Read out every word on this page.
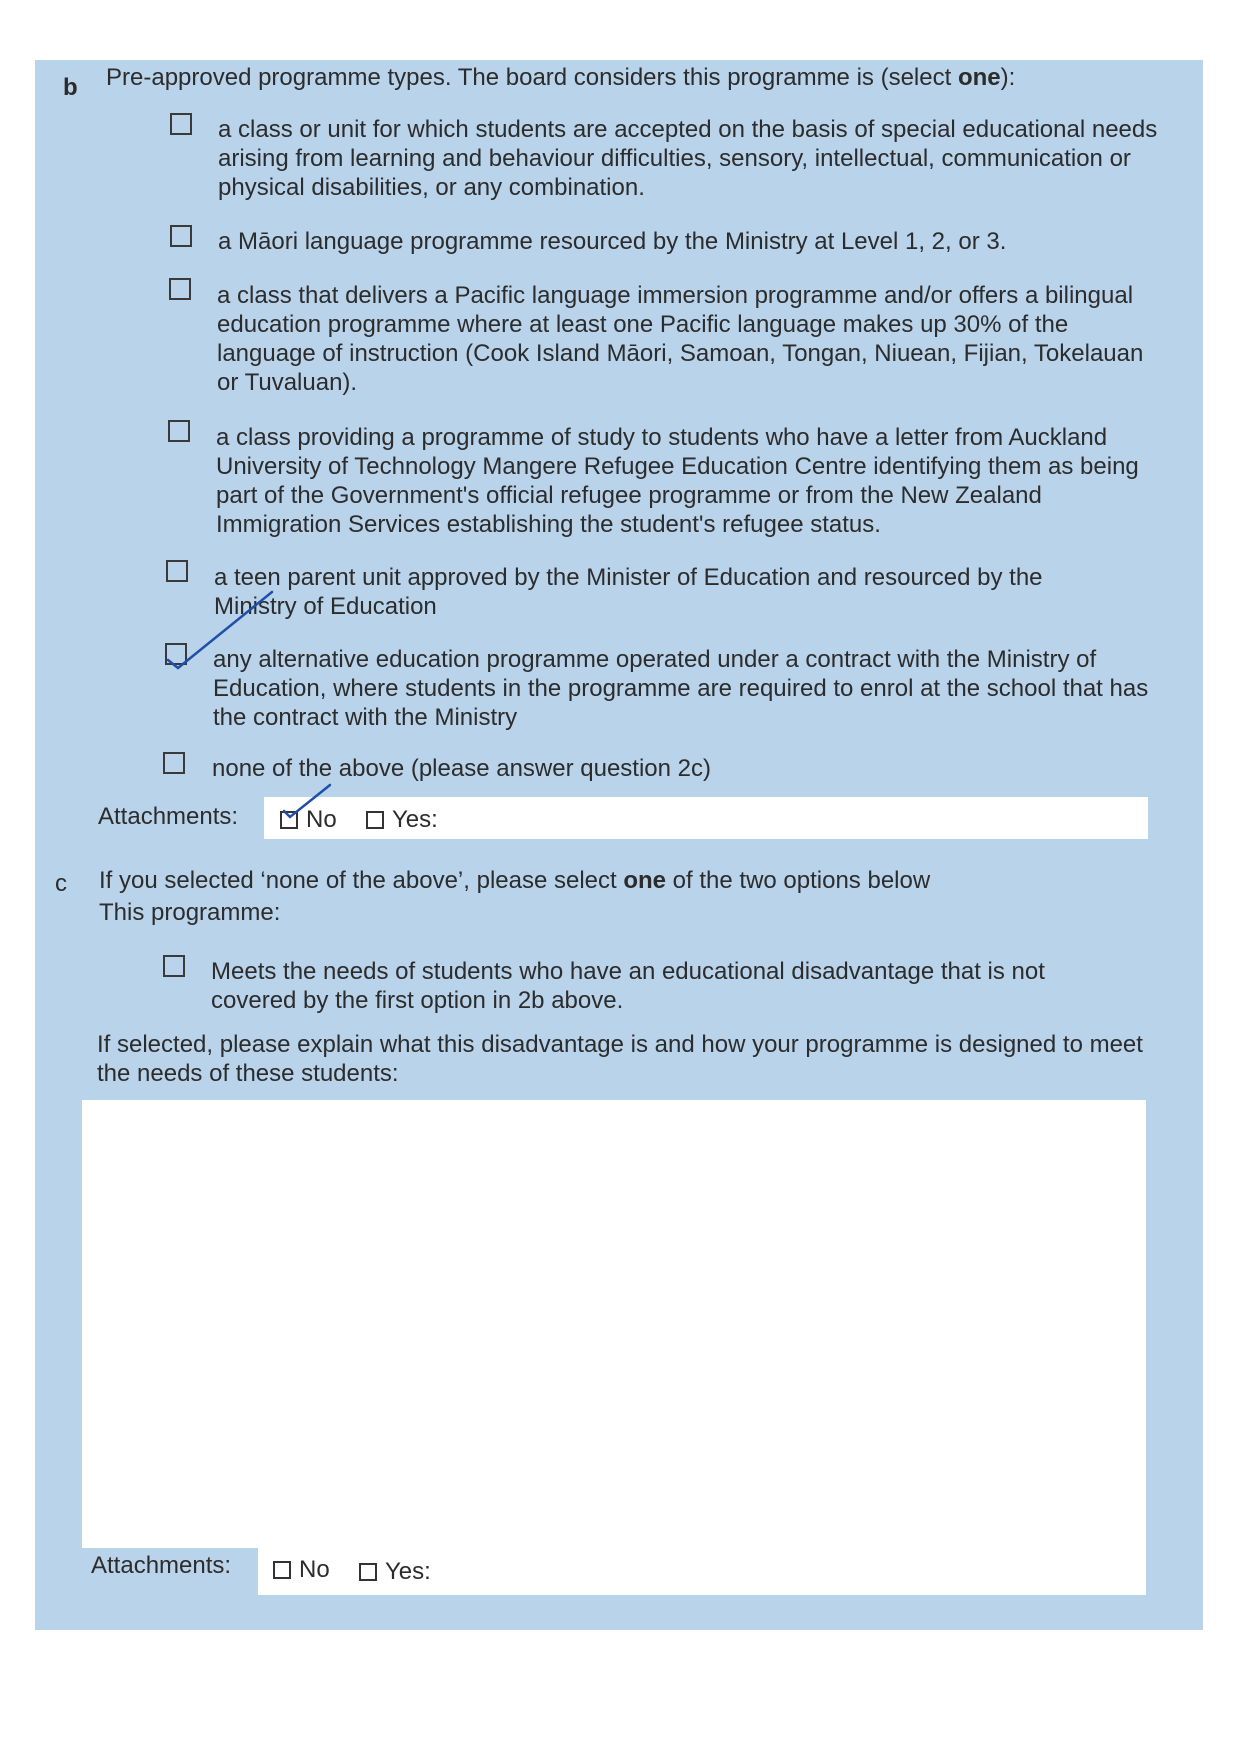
b Pre-approved programme types. The board considers this programme is (select one):

a class or unit for which students are accepted on the basis of special educational needs arising from learning and behaviour difficulties, sensory, intellectual, communication or physical disabilities, or any combination.

a Māori language programme resourced by the Ministry at Level 1, 2, or 3.

a class that delivers a Pacific language immersion programme and/or offers a bilingual education programme where at least one Pacific language makes up 30% of the language of instruction (Cook Island Māori, Samoan, Tongan, Niuean, Fijian, Tokelauan or Tuvaluan).

a class providing a programme of study to students who have a letter from Auckland University of Technology Mangere Refugee Education Centre identifying them as being part of the Government's official refugee programme or from the New Zealand Immigration Services establishing the student's refugee status.

a teen parent unit approved by the Minister of Education and resourced by the Ministry of Education

any alternative education programme operated under a contract with the Ministry of Education, where students in the programme are required to enrol at the school that has the contract with the Ministry

none of the above (please answer question 2c)

Attachments:	No	Yes:
c If you selected ‘none of the above’, please select one of the two options below

This programme:

Meets the needs of students who have an educational disadvantage that is not covered by the first option in 2b above.

If selected, please explain what this disadvantage is and how your programme is designed to meet the needs of these students:

Attachments:	No	Yes:
